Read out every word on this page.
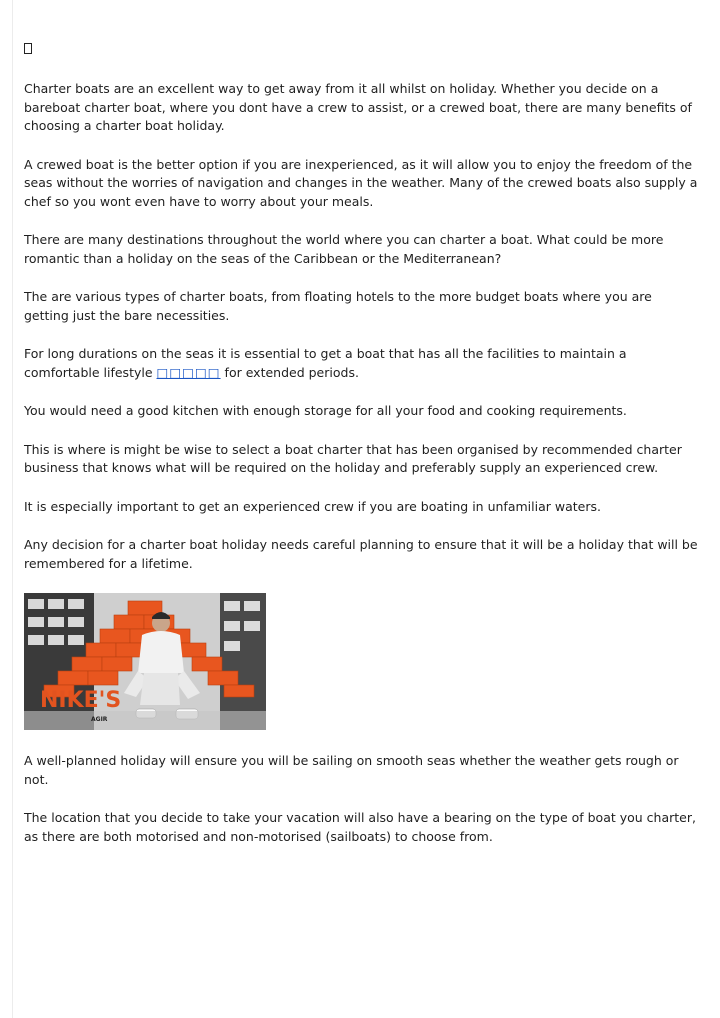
Charter boats are an excellent way to get away from it all whilst on holiday. Whether you decide on a bareboat charter boat, where you dont have a crew to assist, or a crewed boat, there are many benefits of choosing a charter boat holiday.

A crewed boat is the better option if you are inexperienced, as it will allow you to enjoy the freedom of the seas without the worries of navigation and changes in the weather. Many of the crewed boats also supply a chef so you wont even have to worry about your meals.

There are many destinations throughout the world where you can charter a boat. What could be more romantic than a holiday on the seas of the Caribbean or the Mediterranean?

The are various types of charter boats, from floating hotels to the more budget boats where you are getting just the bare necessities.

For long durations on the seas it is essential to get a boat that has all the facilities to maintain a comfortable lifestyle □□□□□ for extended periods.

You would need a good kitchen with enough storage for all your food and cooking requirements.

This is where is might be wise to select a boat charter that has been organised by recommended charter business that knows what will be required on the holiday and preferably supply an experienced crew.

It is especially important to get an experienced crew if you are boating in unfamiliar waters.

Any decision for a charter boat holiday needs careful planning to ensure that it will be a holiday that will be remembered for a lifetime.

NIKE'S
AGIR

A well-planned holiday will ensure you will be sailing on smooth seas whether the weather gets rough or not.

The location that you decide to take your vacation will also have a bearing on the type of boat you charter, as there are both motorised and non-motorised (sailboats) to choose from.
